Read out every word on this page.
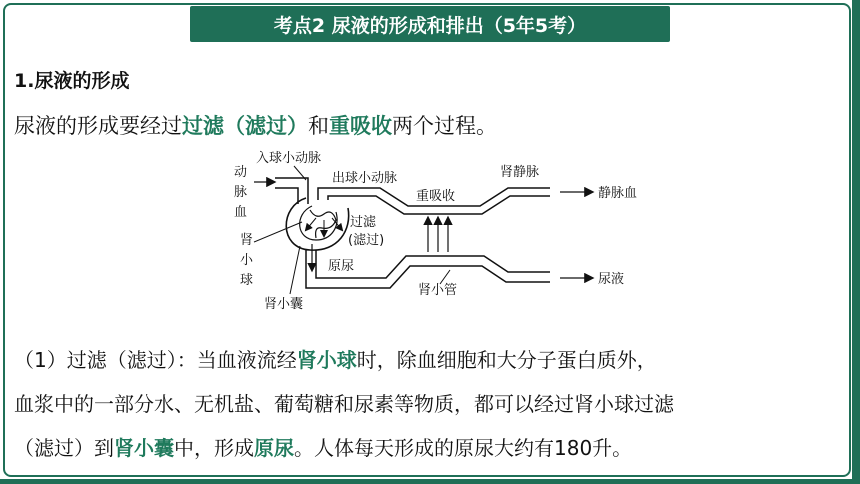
考点2 尿液的形成和排出（5年5考）
1.尿液的形成
尿液的形成要经过过滤（滤过）和重吸收两个过程。
动
脉
血
入球小动脉
出球小动脉	肾静脉
静脉血
重吸收
尿液
肾小管
过滤
(滤过)
原尿
肾
小
球
肾小囊
（1）过滤（滤过）：当血液流经肾小球时，除血细胞和大分子蛋白质外，
血浆中的一部分水、无机盐、葡萄糖和尿素等物质，都可以经过肾小球过滤
（滤过）到肾小囊中，形成原尿。人体每天形成的原尿大约有180升。
